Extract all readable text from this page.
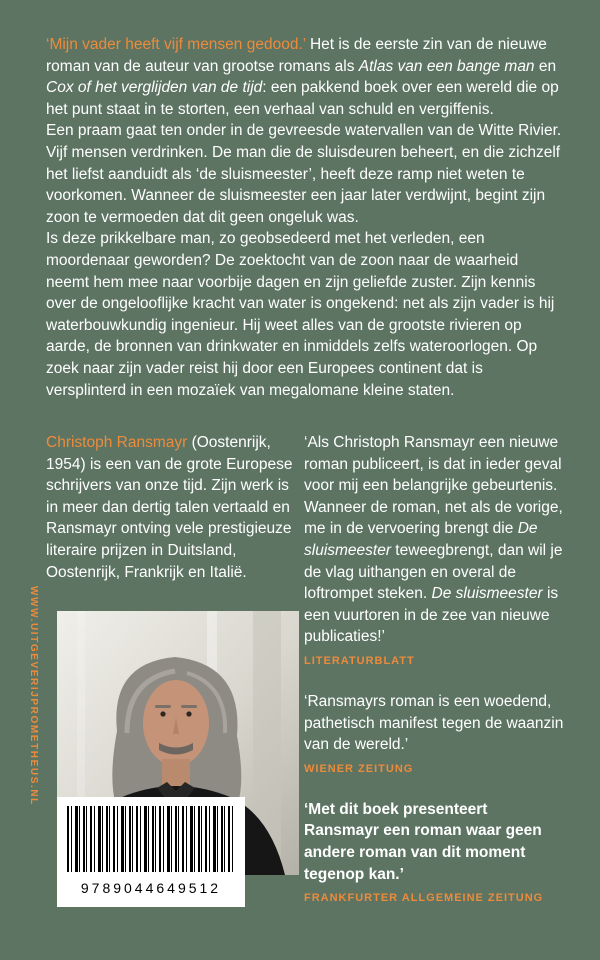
‘Mijn vader heeft vijf mensen gedood.’ Het is de eerste zin van de nieuwe roman van de auteur van grootse romans als Atlas van een bange man en Cox of het verglijden van de tijd: een pakkend boek over een wereld die op het punt staat in te storten, een verhaal van schuld en vergiffenis.

Een praam gaat ten onder in de gevreesde watervallen van de Witte Rivier. Vijf mensen verdrinken. De man die de sluisdeuren beheert, en die zichzelf het liefst aanduidt als ‘de sluismeester’, heeft deze ramp niet weten te voorkomen. Wanneer de sluismeester een jaar later verdwijnt, begint zijn zoon te vermoeden dat dit geen ongeluk was.

Is deze prikkelbare man, zo geobsedeerd met het verleden, een moordenaar geworden? De zoektocht van de zoon naar de waarheid neemt hem mee naar voorbije dagen en zijn geliefde zuster. Zijn kennis over de ongelooflijke kracht van water is ongekend: net als zijn vader is hij waterbouwkundig ingenieur. Hij weet alles van de grootste rivieren op aarde, de bronnen van drinkwater en inmiddels zelfs wateroorlogen. Op zoek naar zijn vader reist hij door een Europees continent dat is versplinterd in een mozaïek van megalomane kleine staten.

Christoph Ransmayr (Oostenrijk, 1954) is een van de grote Europese schrijvers van onze tijd. Zijn werk is in meer dan dertig talen vertaald en Ransmayr ontving vele prestigieuze literaire prijzen in Duitsland, Oostenrijk, Frankrijk en Italië.

‘Als Christoph Ransmayr een nieuwe roman publiceert, is dat in ieder geval voor mij een belangrijke gebeurtenis. Wanneer de roman, net als de vorige, me in de vervoering brengt die De sluismeester teweegbrengt, dan wil je de vlag uithangen en overal de loftrompet steken. De sluismeester is een vuurtoren in de zee van nieuwe publicaties!’

LITERATURBLATT

‘Ransmayrs roman is een woedend, pathetisch manifest tegen de waanzin van de wereld.’

WIENER ZEITUNG

‘Met dit boek presenteert Ransmayr een roman waar geen andere roman van dit moment tegenop kan.’

FRANKFURTER ALLGEMEINE ZEITUNG
WWW.UITGEVERIJPROMETHEUS.NL
9789044649512
